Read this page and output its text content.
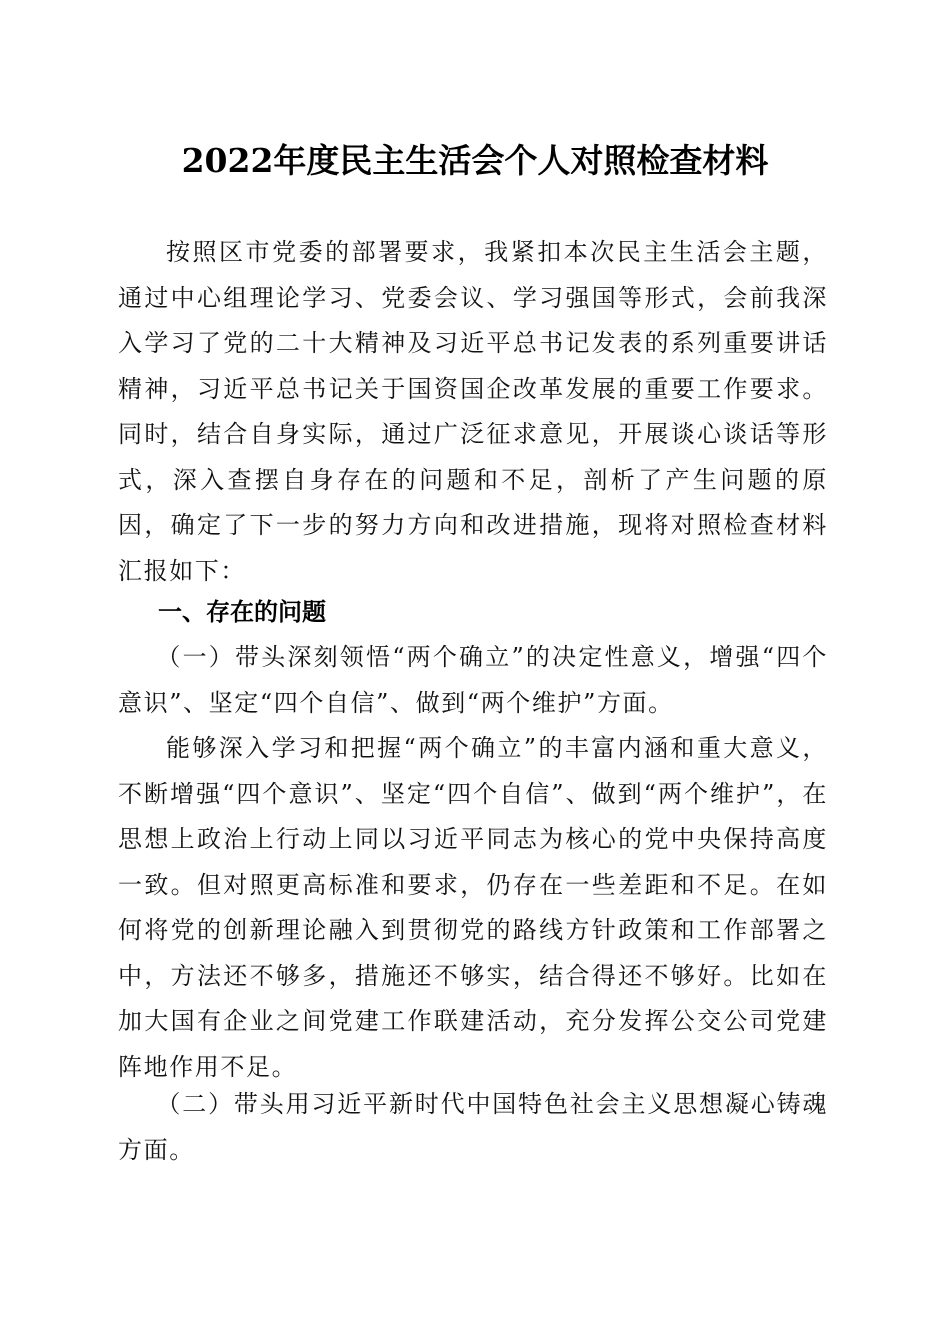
2022年度民主生活会个人对照检查材料

按照区市党委的部署要求，我紧扣本次民主生活会主题，通过中心组理论学习、党委会议、学习强国等形式，会前我深入学习了党的二十大精神及习近平总书记发表的系列重要讲话精神，习近平总书记关于国资国企改革发展的重要工作要求。同时，结合自身实际，通过广泛征求意见，开展谈心谈话等形式，深入查摆自身存在的问题和不足，剖析了产生问题的原因，确定了下一步的努力方向和改进措施，现将对照检查材料汇报如下：

一、存在的问题

（一）带头深刻领悟“两个确立”的决定性意义，增强“四个意识”、坚定“四个自信”、做到“两个维护”方面。

能够深入学习和把握“两个确立”的丰富内涵和重大意义，不断增强“四个意识”、坚定“四个自信”、做到“两个维护”，在思想上政治上行动上同以习近平同志为核心的党中央保持高度一致。但对照更高标准和要求，仍存在一些差距和不足。在如何将党的创新理论融入到贯彻党的路线方针政策和工作部署之中，方法还不够多，措施还不够实，结合得还不够好。比如在加大国有企业之间党建工作联建活动，充分发挥公交公司党建阵地作用不足。

（二）带头用习近平新时代中国特色社会主义思想凝心铸魂方面。
